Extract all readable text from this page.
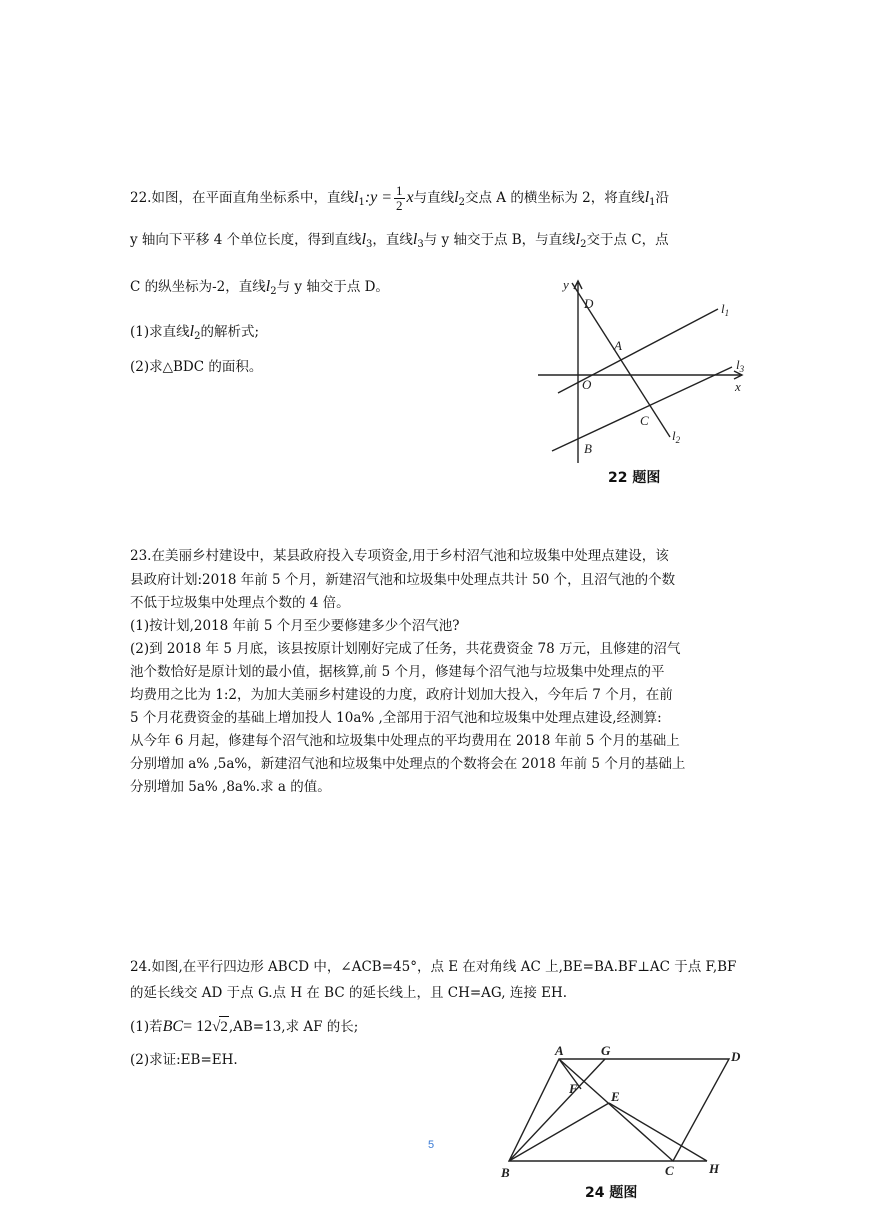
22.如图，在平面直角坐标系中，直线$l_1:y = \frac{1}{2}$ x与直线$l_2$交点 A 的横坐标为 2，将直线$l_1$沿
y 轴向下平移 4 个单位长度，得到直线$l_3$，直线$l_3$与 y 轴交于点 B，与直线$l_2$交于点 C，点
C 的纵坐标为-2，直线$l_2$与 y 轴交于点 D。
(1)求直线$l_2$的解析式;
(2)求△BDC 的面积。
y
D
A
O	x
C
B
$l_1$
$l_3$
$l_2$
22 题图
23.在美丽乡村建设中，某县政府投入专项资金,用于乡村沼气池和垃圾集中处理点建设，该
县政府计划:2018 年前 5 个月，新建沼气池和垃圾集中处理点共计 50 个，且沼气池的个数
不低于垃圾集中处理点个数的 4 倍。
(1)按计划,2018 年前 5 个月至少要修建多少个沼气池?
(2)到 2018 年 5 月底，该县按原计划刚好完成了任务，共花费资金 78 万元，且修建的沼气
池个数恰好是原计划的最小值，据核算,前 5 个月，修建每个沼气池与垃圾集中处理点的平
均费用之比为 1:2，为加大美丽乡村建设的力度，政府计划加大投入，今年后 7 个月，在前
5 个月花费资金的基础上增加投人 10a% ,全部用于沼气池和垃圾集中处理点建设,经测算:
从今年 6 月起，修建每个沼气池和垃圾集中处理点的平均费用在 2018 年前 5 个月的基础上
分别增加 a% ,5a%，新建沼气池和垃圾集中处理点的个数将会在 2018 年前 5 个月的基础上
分别增加 5a% ,8a%.求 a 的值。
24.如图,在平行四边形 ABCD 中，∠ACB=45°，点 E 在对角线 AC 上,BE=BA.BF⊥AC 于点 F,BF
的延长线交 AD 于点 G.点 H 在 BC 的延长线上，且 CH=AG, 连接 EH.
(1)若BC= 12√2,AB=13,求 AF 的长;
(2)求证:EB=EH.
A	G	D
F
E
B	C	H
24 题图
5
